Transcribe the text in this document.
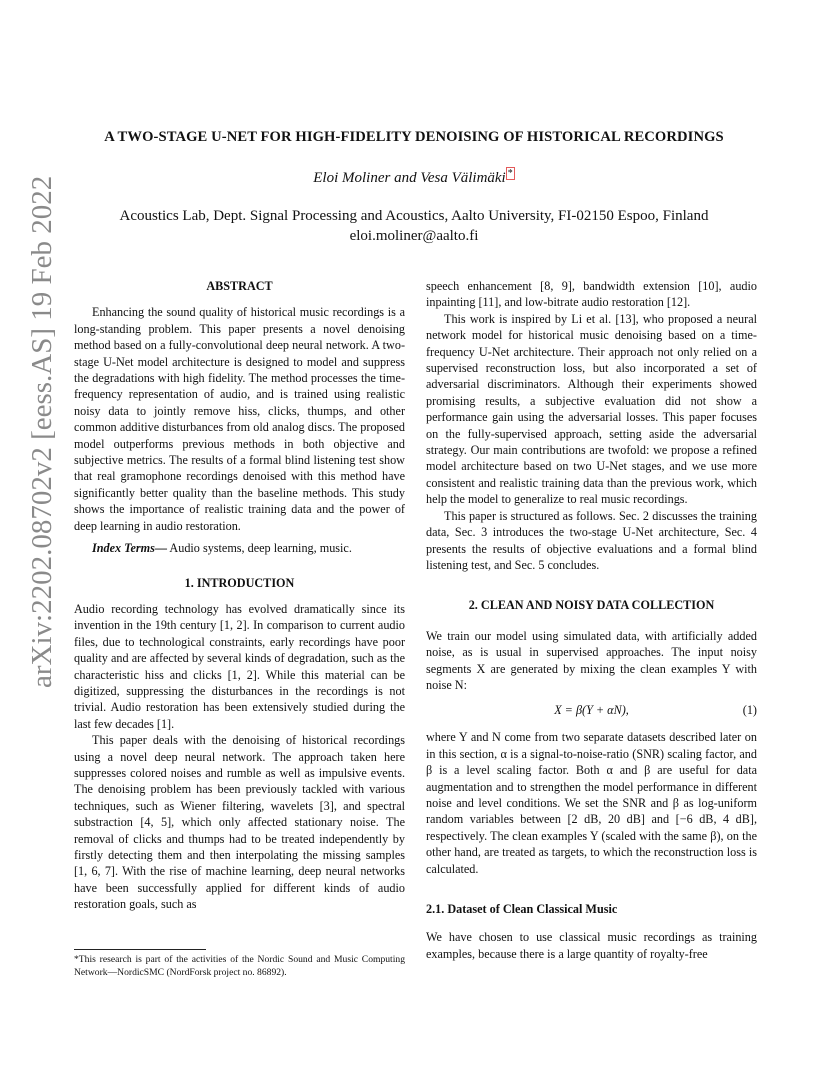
arXiv:2202.08702v2 [eess.AS] 19 Feb 2022
A TWO-STAGE U-NET FOR HIGH-FIDELITY DENOISING OF HISTORICAL RECORDINGS
Eloi Moliner and Vesa Välimäki *
Acoustics Lab, Dept. Signal Processing and Acoustics, Aalto University, FI-02150 Espoo, Finland
eloi.moliner@aalto.fi
ABSTRACT

Enhancing the sound quality of historical music recordings is a long-standing problem. This paper presents a novel denoising method based on a fully-convolutional deep neural network. A two-stage U-Net model architecture is designed to model and suppress the degradations with high fidelity. The method processes the time-frequency representation of audio, and is trained using realistic noisy data to jointly remove hiss, clicks, thumps, and other common additive disturbances from old analog discs. The proposed model outperforms previous methods in both objective and subjective metrics. The results of a formal blind listening test show that real gramophone recordings denoised with this method have significantly better quality than the baseline methods. This study shows the importance of realistic training data and the power of deep learning in audio restoration.

Index Terms— Audio systems, deep learning, music.

1. INTRODUCTION

Audio recording technology has evolved dramatically since its invention in the 19th century [1, 2]. In comparison to current audio files, due to technological constraints, early recordings have poor quality and are affected by several kinds of degradation, such as the characteristic hiss and clicks [1, 2]. While this material can be digitized, suppressing the disturbances in the recordings is not trivial. Audio restoration has been extensively studied during the last few decades [1].

This paper deals with the denoising of historical recordings using a novel deep neural network. The approach taken here suppresses colored noises and rumble as well as impulsive events. The denoising problem has been previously tackled with various techniques, such as Wiener filtering, wavelets [3], and spectral substraction [4, 5], which only affected stationary noise. The removal of clicks and thumps had to be treated independently by firstly detecting them and then interpolating the missing samples [1, 6, 7]. With the rise of machine learning, deep neural networks have been successfully applied for different kinds of audio restoration goals, such as

speech enhancement [8, 9], bandwidth extension [10], audio inpainting [11], and low-bitrate audio restoration [12].

This work is inspired by Li et al. [13], who proposed a neural network model for historical music denoising based on a time-frequency U-Net architecture. Their approach not only relied on a supervised reconstruction loss, but also incorporated a set of adversarial discriminators. Although their experiments showed promising results, a subjective evaluation did not show a performance gain using the adversarial losses. This paper focuses on the fully-supervised approach, setting aside the adversarial strategy. Our main contributions are twofold: we propose a refined model architecture based on two U-Net stages, and we use more consistent and realistic training data than the previous work, which help the model to generalize to real music recordings.

This paper is structured as follows. Sec. 2 discusses the training data, Sec. 3 introduces the two-stage U-Net architecture, Sec. 4 presents the results of objective evaluations and a formal blind listening test, and Sec. 5 concludes.

2. CLEAN AND NOISY DATA COLLECTION

We train our model using simulated data, with artificially added noise, as is usual in supervised approaches. The input noisy segments X are generated by mixing the clean examples Y with noise N:

X = β(Y + αN),	(1)

where Y and N come from two separate datasets described later on in this section, α is a signal-to-noise-ratio (SNR) scaling factor, and β is a level scaling factor. Both α and β are useful for data augmentation and to strengthen the model performance in different noise and level conditions. We set the SNR and β as log-uniform random variables between [2 dB, 20 dB] and [−6 dB, 4 dB], respectively. The clean examples Y (scaled with the same β), on the other hand, are treated as targets, to which the reconstruction loss is calculated.

2.1. Dataset of Clean Classical Music

We have chosen to use classical music recordings as training examples, because there is a large quantity of royalty-free

*This research is part of the activities of the Nordic Sound and Music Computing Network—NordicSMC (NordForsk project no. 86892).
